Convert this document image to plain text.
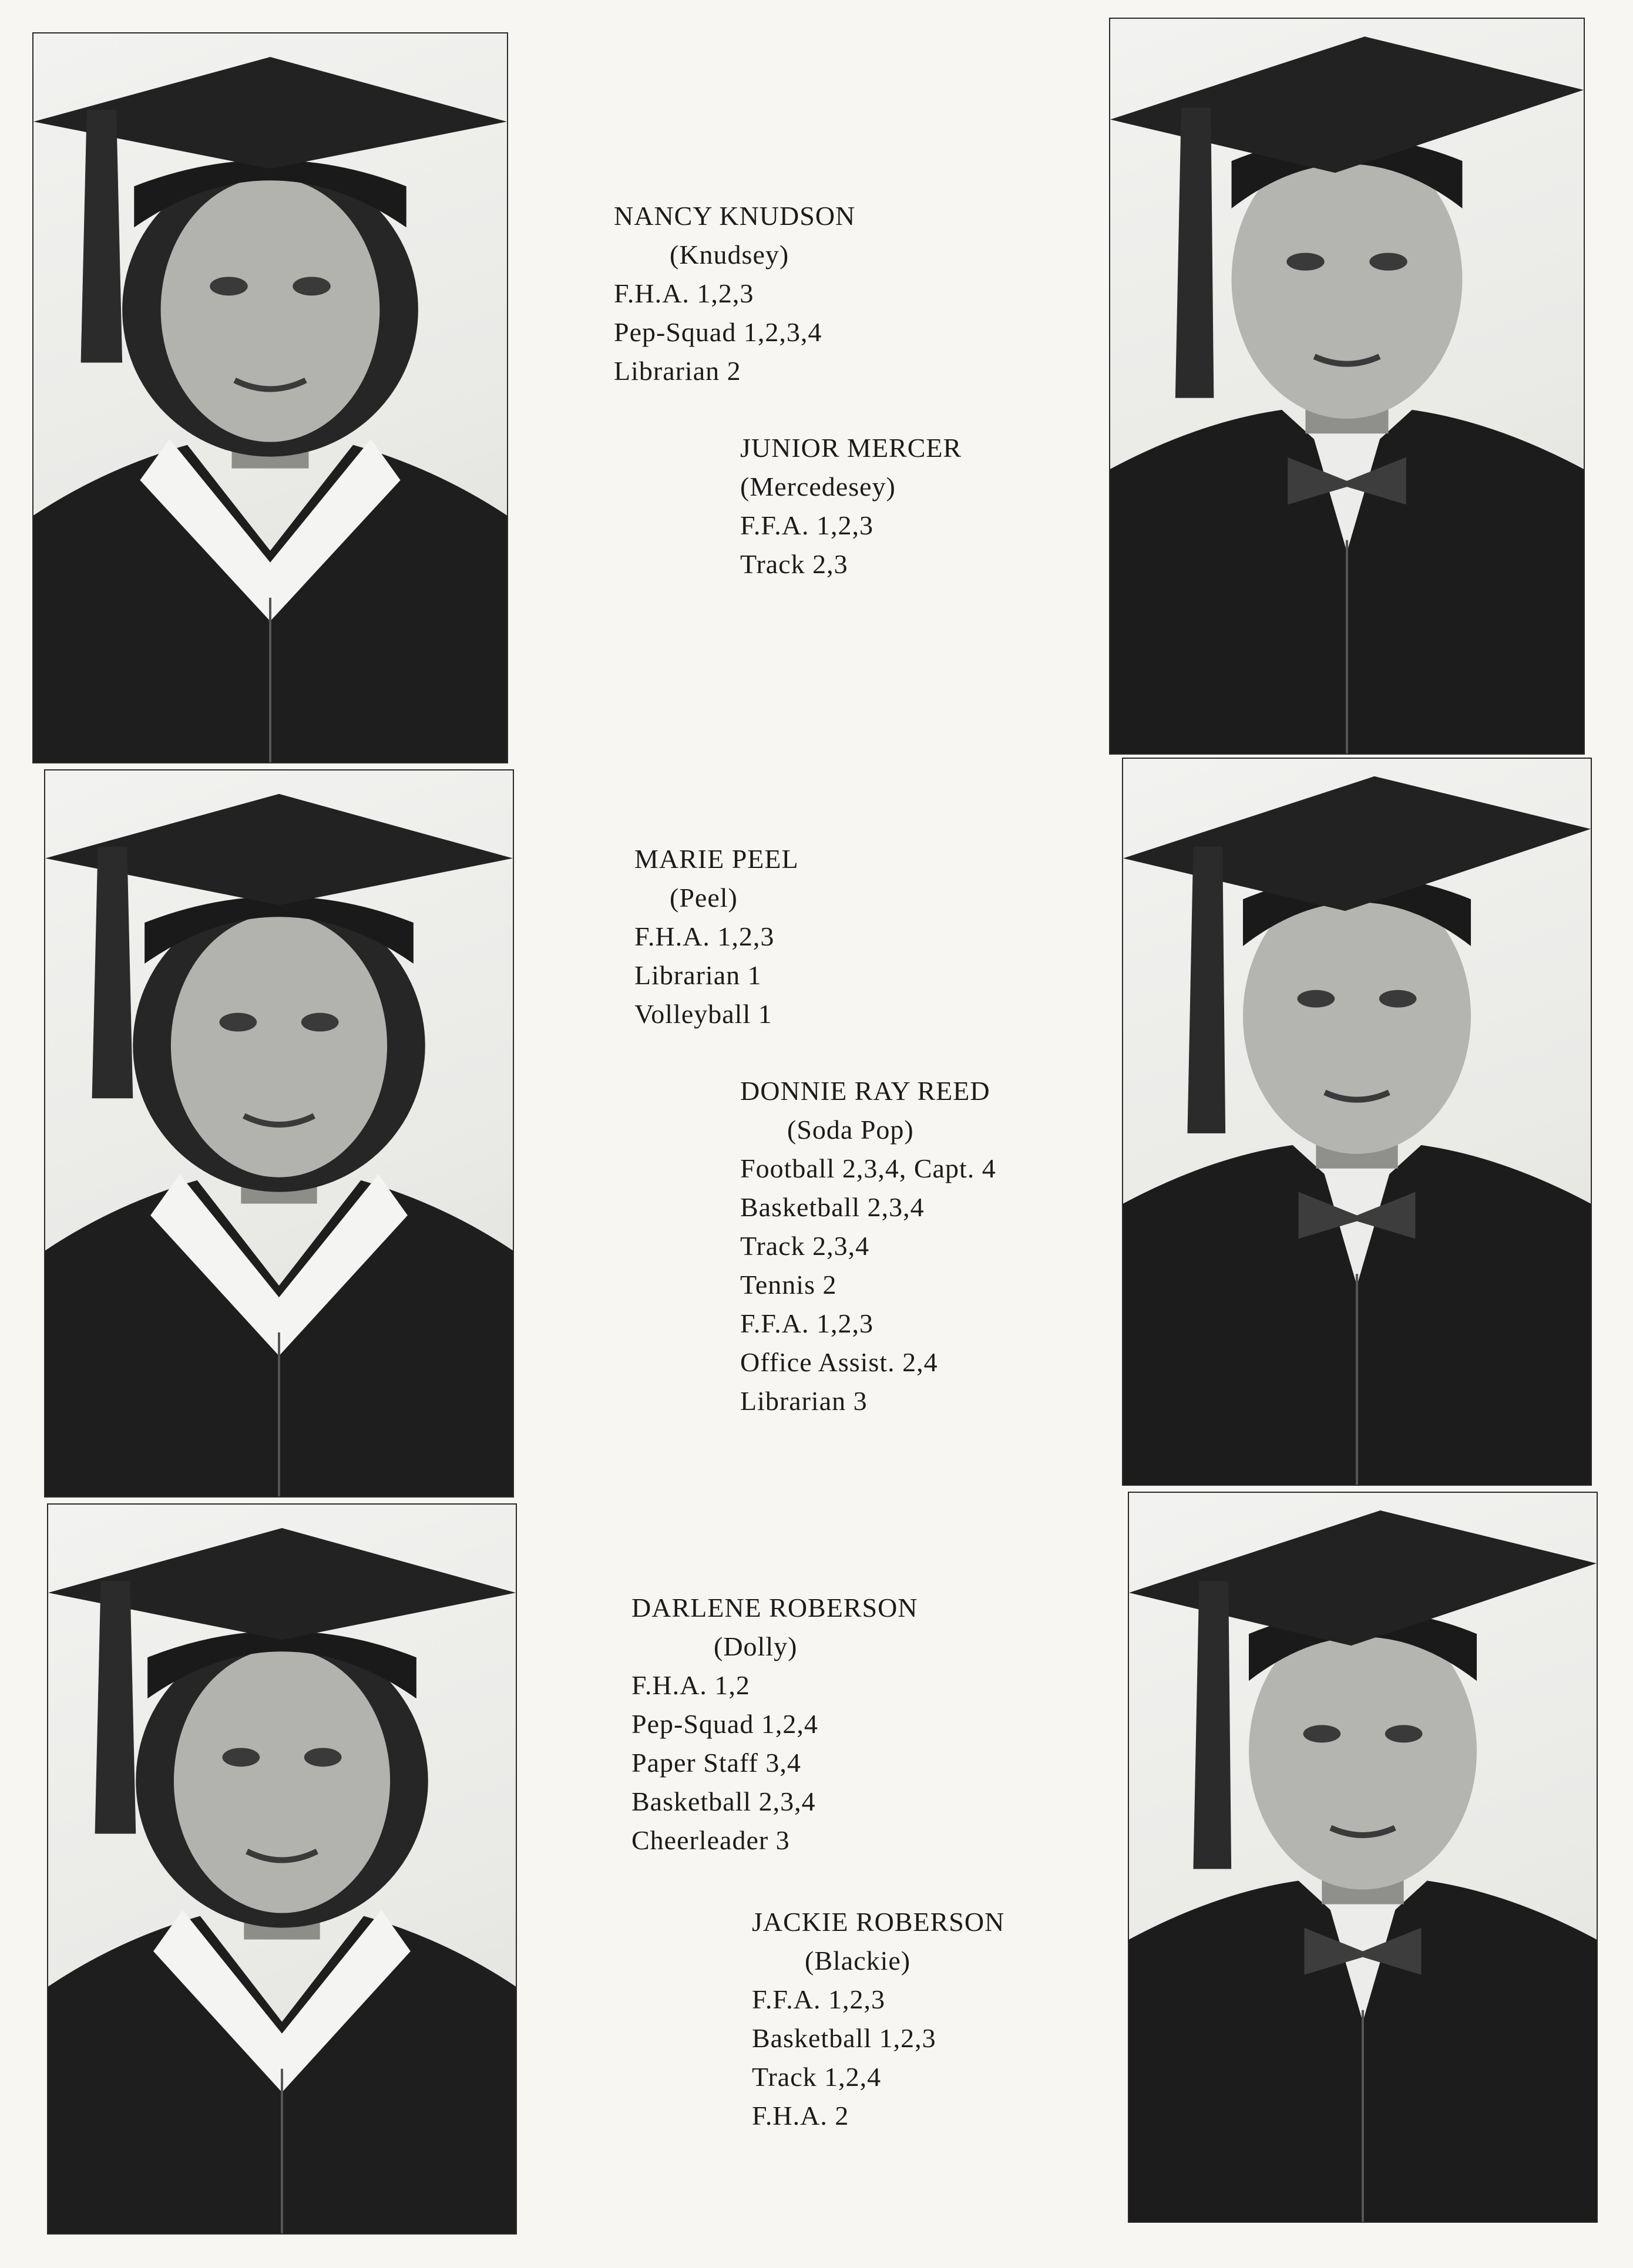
NANCY KNUDSON
(Knudsey)
F.H.A. 1,2,3
Pep-Squad 1,2,3,4
Librarian 2
JUNIOR MERCER
(Mercedesey)
F.F.A. 1,2,3
Track 2,3
MARIE PEEL
(Peel)
F.H.A. 1,2,3
Librarian 1
Volleyball 1
DONNIE RAY REED
(Soda Pop)
Football 2,3,4, Capt. 4
Basketball 2,3,4
Track 2,3,4
Tennis 2
F.F.A. 1,2,3
Office Assist. 2,4
Librarian 3
DARLENE ROBERSON
(Dolly)
F.H.A. 1,2
Pep-Squad 1,2,4
Paper Staff 3,4
Basketball 2,3,4
Cheerleader 3
JACKIE ROBERSON
(Blackie)
F.F.A. 1,2,3
Basketball 1,2,3
Track 1,2,4
F.H.A. 2
